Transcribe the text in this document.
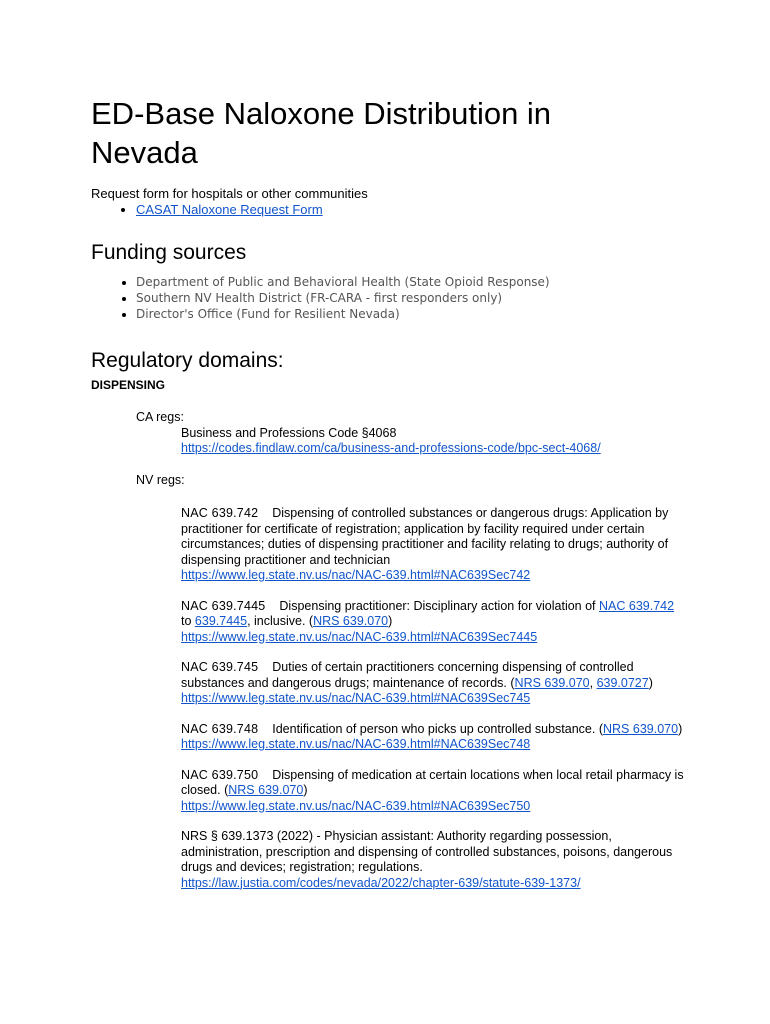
ED-Base Naloxone Distribution in Nevada
Request form for hospitals or other communities
• CASAT Naloxone Request Form
Funding sources
• Department of Public and Behavioral Health (State Opioid Response)
• Southern NV Health District (FR-CARA - first responders only)
• Director's Office (Fund for Resilient Nevada)
Regulatory domains:
DISPENSING
CA regs:
Business and Professions Code §4068
https://codes.findlaw.com/ca/business-and-professions-code/bpc-sect-4068/
NV regs:
NAC 639.742 Dispensing of controlled substances or dangerous drugs: Application by practitioner for certificate of registration; application by facility required under certain circumstances; duties of dispensing practitioner and facility relating to drugs; authority of dispensing practitioner and technician
https://www.leg.state.nv.us/nac/NAC-639.html#NAC639Sec742
NAC 639.7445 Dispensing practitioner: Disciplinary action for violation of NAC 639.742
to 639.7445, inclusive. (NRS 639.070)
https://www.leg.state.nv.us/nac/NAC-639.html#NAC639Sec7445
NAC 639.745 Duties of certain practitioners concerning dispensing of controlled substances and dangerous drugs; maintenance of records. (NRS 639.070, 639.0727)
https://www.leg.state.nv.us/nac/NAC-639.html#NAC639Sec745
NAC 639.748 Identification of person who picks up controlled substance. (NRS 639.070)
https://www.leg.state.nv.us/nac/NAC-639.html#NAC639Sec748
NAC 639.750 Dispensing of medication at certain locations when local retail pharmacy is closed. (NRS 639.070)
https://www.leg.state.nv.us/nac/NAC-639.html#NAC639Sec750
NRS § 639.1373 (2022) - Physician assistant: Authority regarding possession, administration, prescription and dispensing of controlled substances, poisons, dangerous drugs and devices; registration; regulations.
https://law.justia.com/codes/nevada/2022/chapter-639/statute-639-1373/
